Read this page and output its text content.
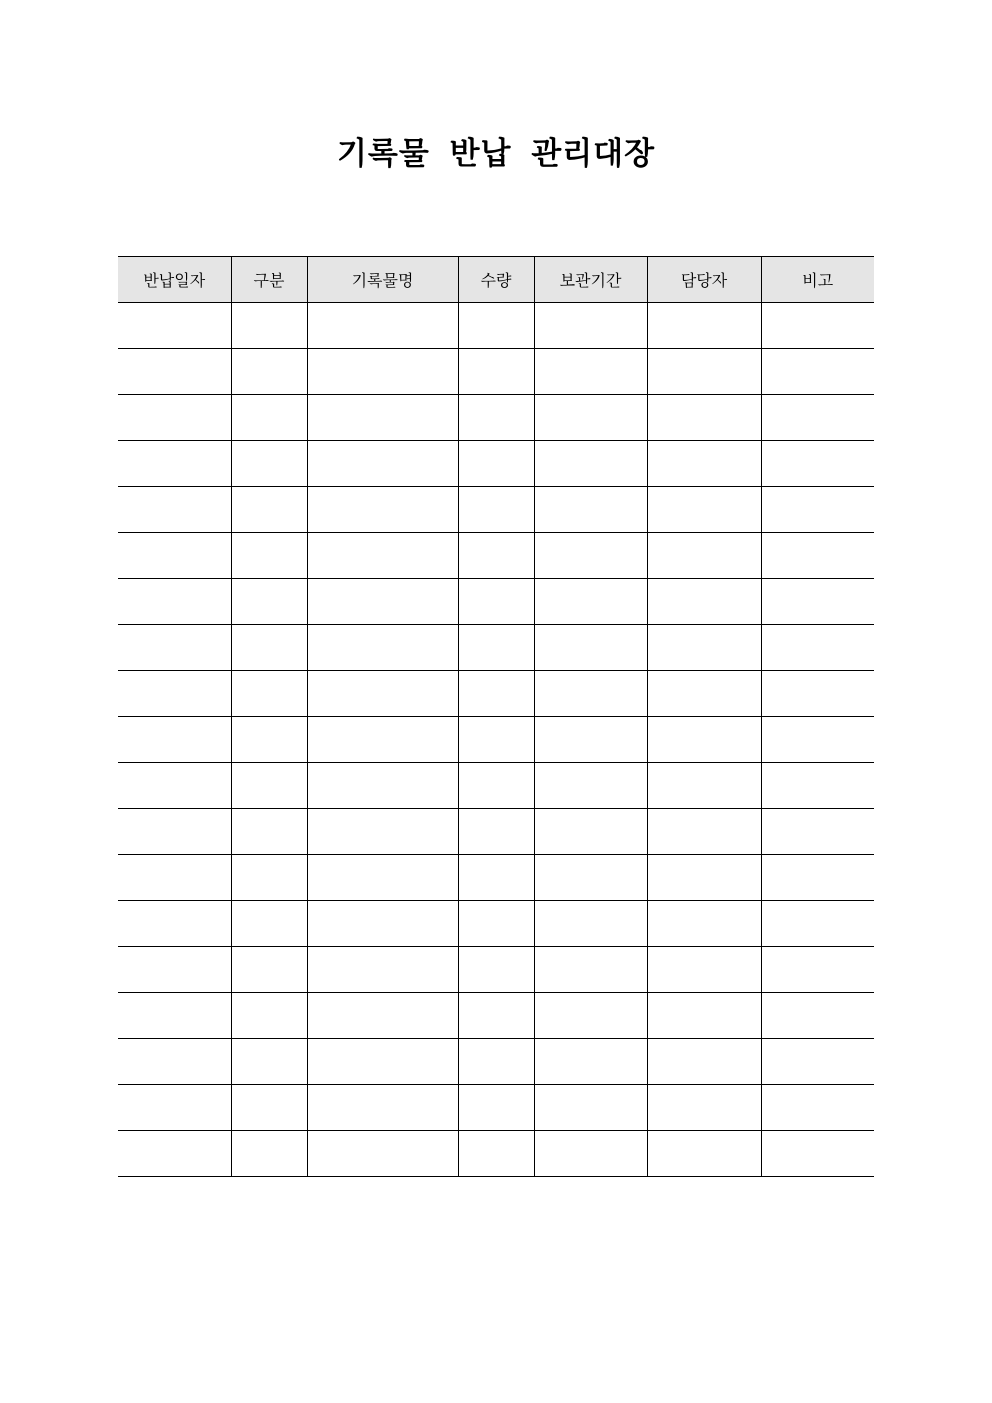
기록물 반납 관리대장
반납일자	구분	기록물명	수량	보관기간	담당자	비고
